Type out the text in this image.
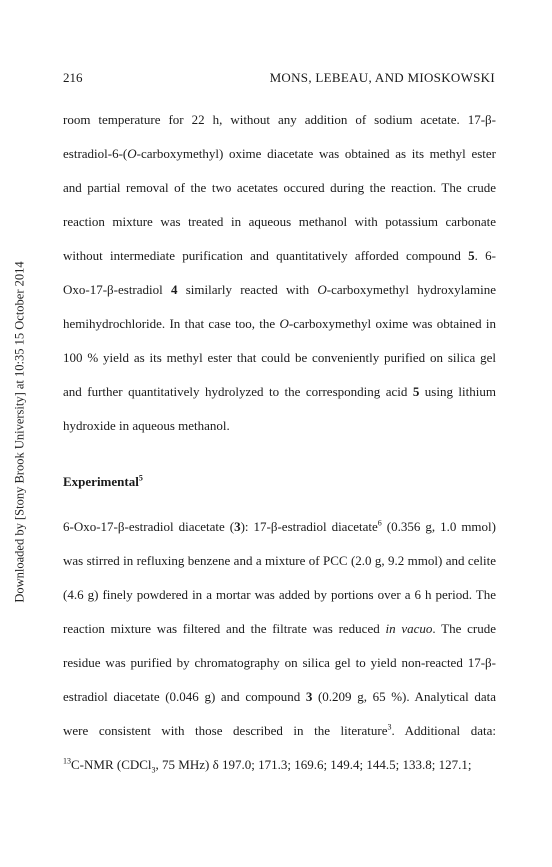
Downloaded by [Stony Brook University] at 10:35 15 October 2014
216	MONS, LEBEAU, AND MIOSKOWSKI
room temperature for 22 h, without any addition of sodium acetate. 17-β-
estradiol-6-(O-carboxymethyl) oxime diacetate was obtained as its methyl ester
and partial removal of the two acetates occured during the reaction. The crude
reaction mixture was treated in aqueous methanol with potassium carbonate
without intermediate purification and quantitatively afforded compound 5. 6-
Oxo-17-β-estradiol 4 similarly reacted with O-carboxymethyl hydroxylamine
hemihydrochloride. In that case too, the O-carboxymethyl oxime was obtained in
100 % yield as its methyl ester that could be conveniently purified on silica gel
and further quantitatively hydrolyzed to the corresponding acid 5 using lithium
hydroxide in aqueous methanol.
Experimental$^5$
6-Oxo-17-β-estradiol diacetate (3): 17-β-estradiol diacetate$^6$ (0.356 g, 1.0 mmol)
was stirred in refluxing benzene and a mixture of PCC (2.0 g, 9.2 mmol) and celite
(4.6 g) finely powdered in a mortar was added by portions over a 6 h period. The
reaction mixture was filtered and the filtrate was reduced in vacuo. The crude
residue was purified by chromatography on silica gel to yield non-reacted 17-β-
estradiol diacetate (0.046 g) and compound 3 (0.209 g, 65 %). Analytical data
were consistent with those described in the literature$^3$. Additional data:
$^{13}$C-NMR (CDCl$_3$, 75 MHz) δ 197.0; 171.3; 169.6; 149.4; 144.5; 133.8; 127.1;
